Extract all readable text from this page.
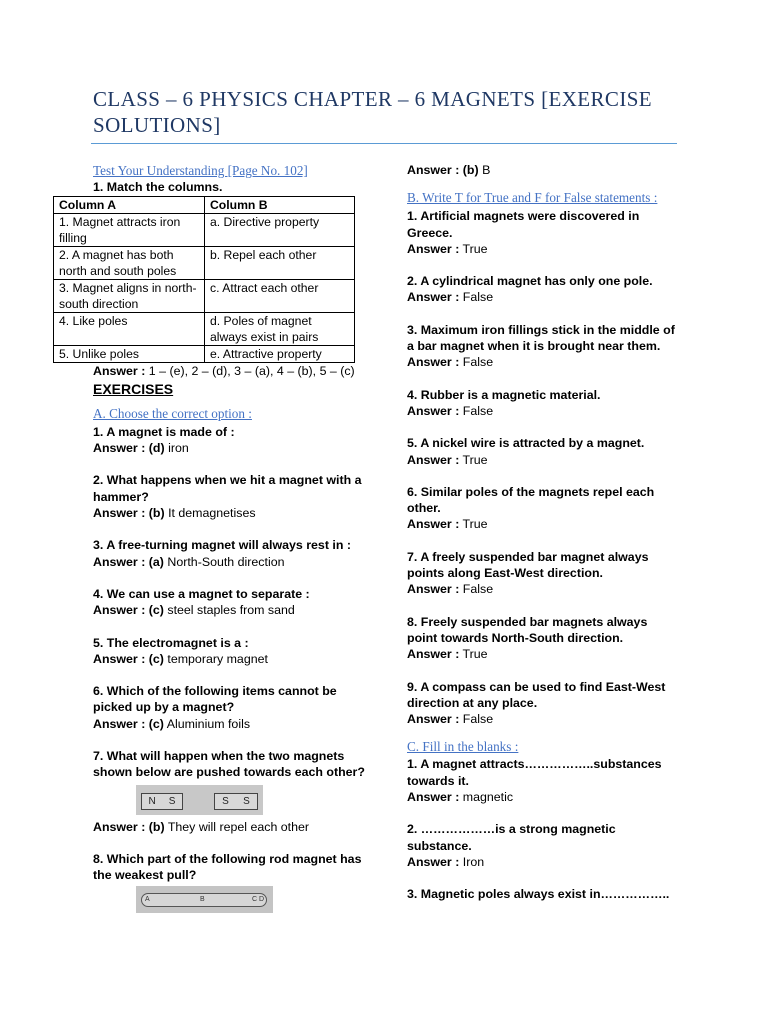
CLASS – 6 PHYSICS CHAPTER – 6 MAGNETS [EXERCISE SOLUTIONS]
Test Your Understanding [Page No. 102]
1. Match the columns.
Column A	Column B
1. Magnet attracts iron filling	a. Directive property
2. A magnet has both north and south poles	b. Repel each other
3. Magnet aligns in north-south direction	c. Attract each other
4. Like poles	d. Poles of magnet always exist in pairs
5. Unlike poles	e. Attractive property
Answer : 1 – (e), 2 – (d), 3 – (a), 4 – (b), 5 – (c)
EXERCISES
A. Choose the correct option :
1. A magnet is made of :
Answer : (d) iron
2. What happens when we hit a magnet with a hammer?
Answer : (b) It demagnetises
3. A free-turning magnet will always rest in :
Answer : (a) North-South direction
4. We can use a magnet to separate :
Answer : (c) steel staples from sand
5. The electromagnet is a :
Answer : (c) temporary magnet
6. Which of the following items cannot be picked up by a magnet?
Answer : (c) Aluminium foils
7. What will happen when the two magnets shown below are pushed towards each other?
N S	S S
Answer : (b) They will repel each other
8. Which part of the following rod magnet has the weakest pull?
A	B	C D
Answer : (b) B
B. Write T for True and F for False statements :
1. Artificial magnets were discovered in Greece.
Answer : True
2. A cylindrical magnet has only one pole.
Answer : False
3. Maximum iron fillings stick in the middle of a bar magnet when it is brought near them.
Answer : False
4. Rubber is a magnetic material.
Answer : False
5. A nickel wire is attracted by a magnet.
Answer : True
6. Similar poles of the magnets repel each other.
Answer : True
7. A freely suspended bar magnet always points along East-West direction.
Answer : False
8. Freely suspended bar magnets always point towards North-South direction.
Answer : True
9. A compass can be used to find East-West direction at any place.
Answer : False
C. Fill in the blanks :
1. A magnet attracts……………..substances towards it.
Answer : magnetic
2. ………………is a strong magnetic substance.
Answer : Iron
3. Magnetic poles always exist in……………..
